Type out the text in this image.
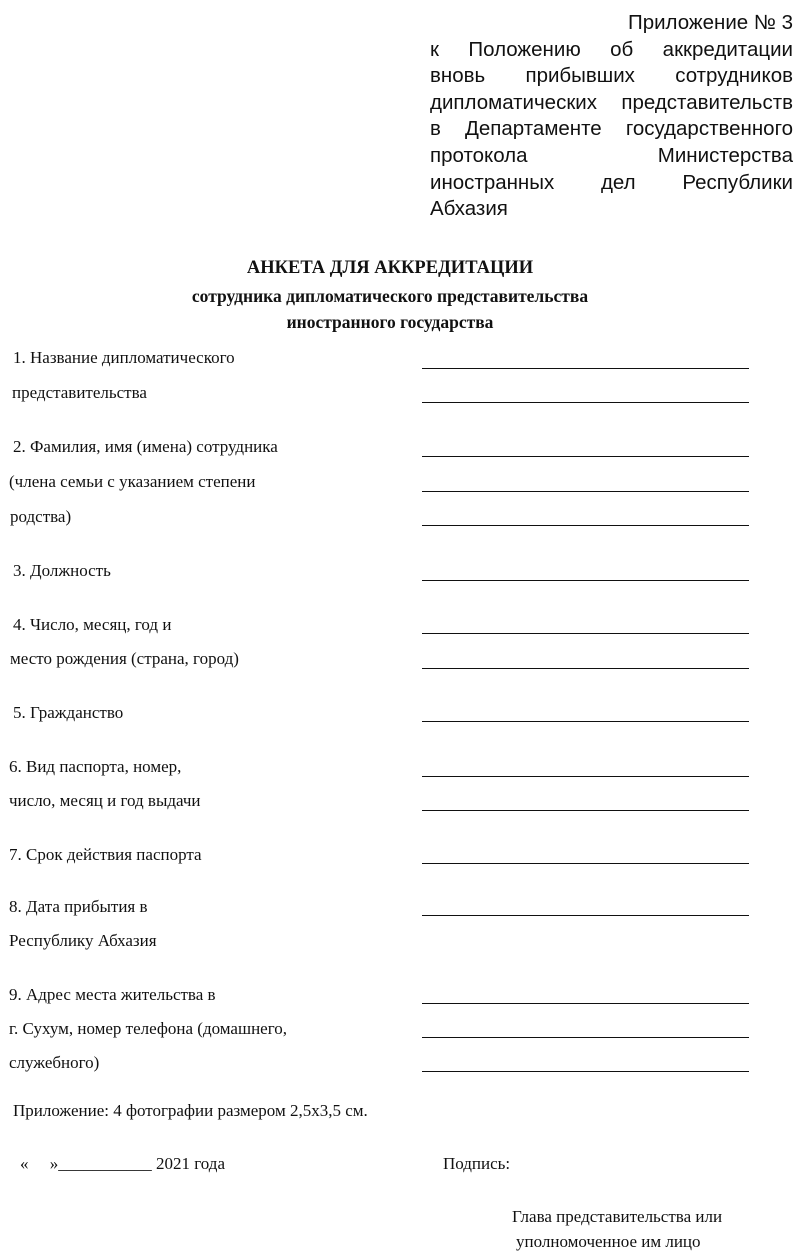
Приложение № 3
к Положению об аккредитации
вновь прибывших сотрудников
дипломатических представительств
в Департаменте государственного
протокола Министерства
иностранных дел Республики
Абхазия
АНКЕТА ДЛЯ АККРЕДИТАЦИИ
сотрудника дипломатического представительства
иностранного государства
1. Название дипломатического
представительства
2. Фамилия, имя (имена) сотрудника
(члена семьи с указанием степени
родства)
3. Должность
4. Число, месяц, год и
место рождения (страна, город)
5. Гражданство
6. Вид паспорта, номер,
число, месяц и год выдачи
7. Срок действия паспорта
8. Дата прибытия в
Республику Абхазия
9. Адрес места жительства в
г. Сухум, номер телефона (домашнего,
служебного)
Приложение: 4 фотографии размером 2,5х3,5 см.
«     »___________ 2021 года	Подпись:
Глава представительства или
уполномоченное им лицо
